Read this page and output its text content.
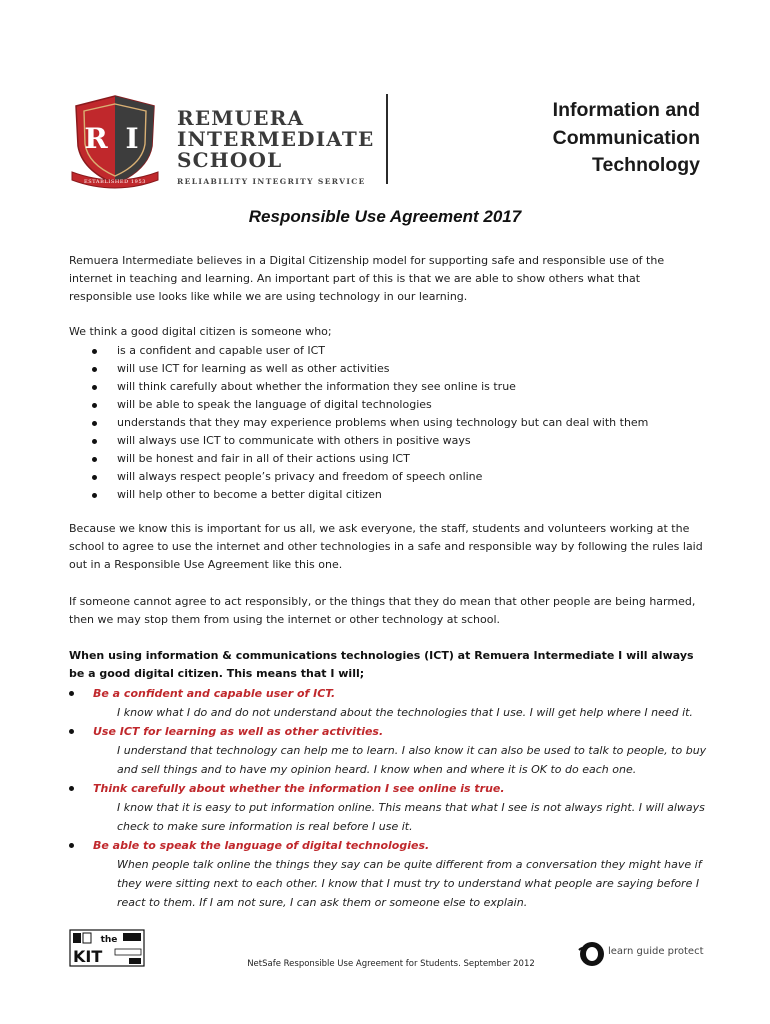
R I
ESTABLISHED 1953
REMUERA
INTERMEDIATE
SCHOOL
RELIABILITY INTEGRITY SERVICE
Information and
Communication
Technology
Responsible Use Agreement 2017
Remuera Intermediate believes in a Digital Citizenship model for supporting safe and responsible use of the internet in teaching and learning. An important part of this is that we are able to show others what that responsible use looks like while we are using technology in our learning.
We think a good digital citizen is someone who;
is a confident and capable user of ICT
will use ICT for learning as well as other activities
will think carefully about whether the information they see online is true
will be able to speak the language of digital technologies
understands that they may experience problems when using technology but can deal with them
will always use ICT to communicate with others in positive ways
will be honest and fair in all of their actions using ICT
will always respect people’s privacy and freedom of speech online
will help other to become a better digital citizen
Because we know this is important for us all, we ask everyone, the staff, students and volunteers working at the school to agree to use the internet and other technologies in a safe and responsible way by following the rules laid out in a Responsible Use Agreement like this one.
If someone cannot agree to act responsibly, or the things that they do mean that other people are being harmed, then we may stop them from using the internet or other technology at school.
When using information & communications technologies (ICT) at Remuera Intermediate I will always be a good digital citizen. This means that I will;
Be a confident and capable user of ICT.
I know what I do and do not understand about the technologies that I use. I will get help where I need it.
Use ICT for learning as well as other activities.
I understand that technology can help me to learn. I also know it can also be used to talk to people, to buy and sell things and to have my opinion heard. I know when and where it is OK to do each one.
Think carefully about whether the information I see online is true.
I know that it is easy to put information online. This means that what I see is not always right. I will always check to make sure information is real before I use it.
Be able to speak the language of digital technologies.
When people talk online the things they say can be quite different from a conversation they might have if they were sitting next to each other. I know that I must try to understand what people are saying before I react to them. If I am not sure, I can ask them or someone else to explain.
the
KIT	NetSafe Responsible Use Agreement for Students. September 2012
learn guide protect
